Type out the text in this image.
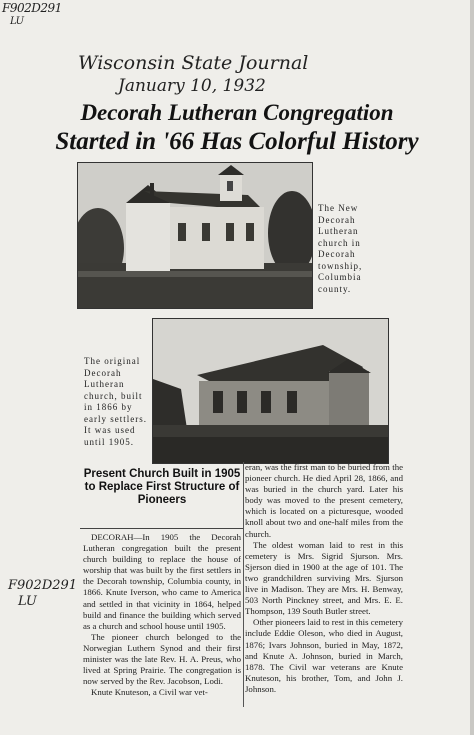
F902D291
LU
Wisconsin State Journal
January 10, 1932
Decorah Lutheran Congregation
Started in '66 Has Colorful History
The New Decorah Lutheran church in Decorah township, Columbia county.
The original Decorah Lutheran church, built in 1866 by early settlers. It was used until 1905.
Present Church Built in 1905 to Replace First Structure of Pioneers

DECORAH—In 1905 the Decorah Lutheran congregation built the present church building to replace the house of worship that was built by the first settlers in the Decorah township, Columbia county, in 1866. Knute Iverson, who came to America and settled in that vicinity in 1864, helped build and finance the building which served as a church and school house until 1905.

The pioneer church belonged to the Norwegian Luthern Synod and their first minister was the late Rev. H. A. Preus, who lived at Spring Prairie. The congregation is now served by the Rev. Jacobson, Lodi.

Knute Knuteson, a Civil war vet-

eran, was the first man to be buried from the pioneer church. He died April 28, 1866, and was buried in the church yard. Later his body was moved to the present cemetery, which is located on a picturesque, wooded knoll about two and one-half miles from the church.

The oldest woman laid to rest in this cemetery is Mrs. Sigrid Sjurson. Mrs. Sjerson died in 1900 at the age of 101. The two grandchildren surviving Mrs. Sjurson live in Madison. They are Mrs. H. Benway, 503 North Pinckney street, and Mrs. E. E. Thompson, 139 South Butler street.

Other pioneers laid to rest in this cemetery include Eddie Oleson, who died in August, 1876; Ivars Johnson, buried in May, 1872, and Knute A. Johnson, buried in March, 1878. The Civil war veterans are Knute Knuteson, his brother, Tom, and John J. Johnson.

F902D291
LU
